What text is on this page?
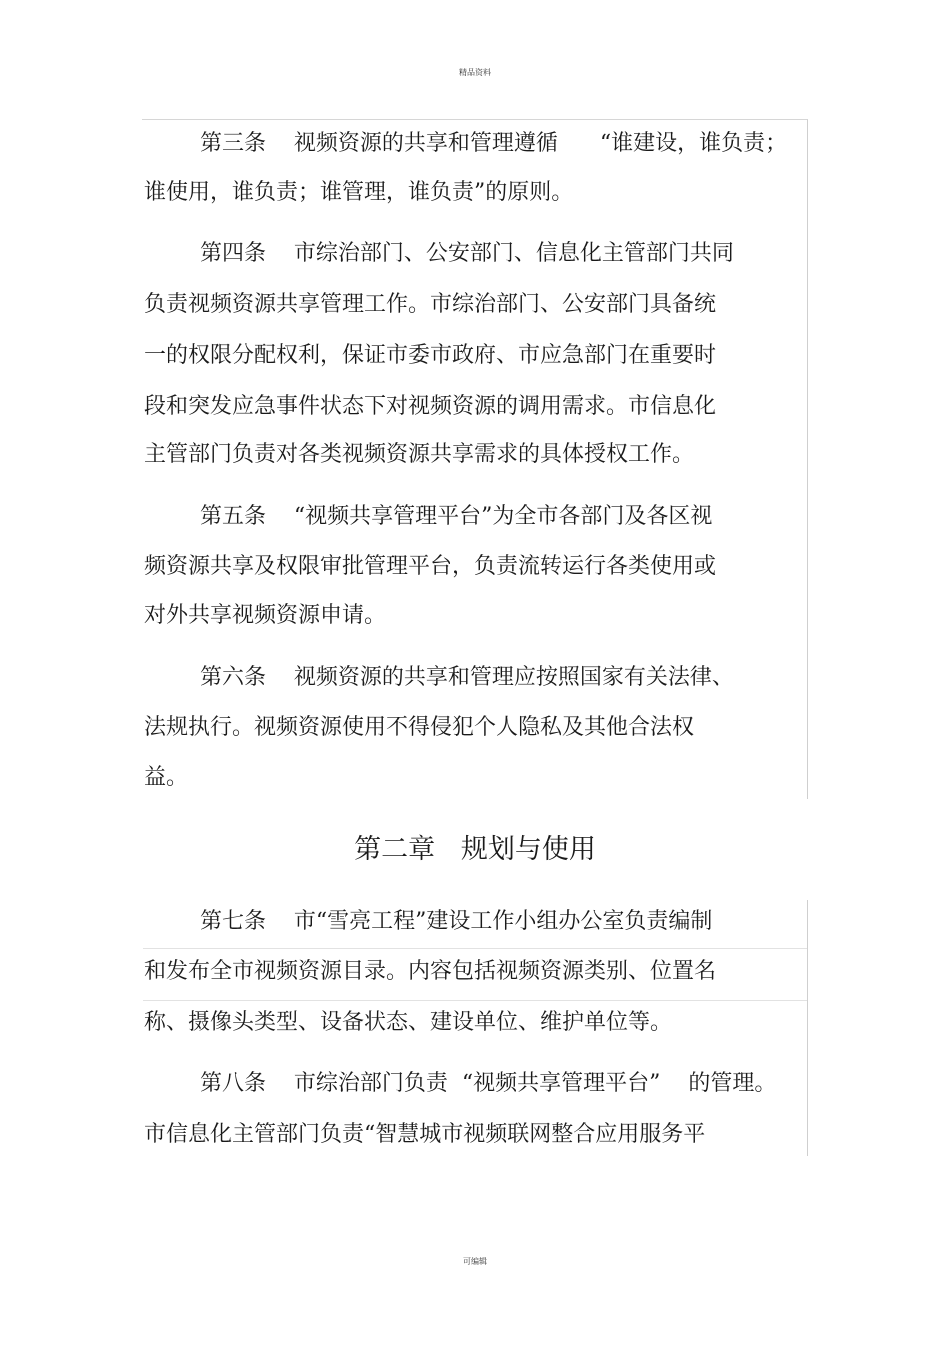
精品资料
第三条    视频资源的共享和管理遵循      “谁建设，谁负责；
谁使用，谁负责；谁管理，谁负责”的原则。
第四条    市综治部门、公安部门、信息化主管部门共同
负责视频资源共享管理工作。市综治部门、公安部门具备统
一的权限分配权利，保证市委市政府、市应急部门在重要时
段和突发应急事件状态下对视频资源的调用需求。市信息化
主管部门负责对各类视频资源共享需求的具体授权工作。
第五条    “视频共享管理平台”为全市各部门及各区视
频资源共享及权限审批管理平台，负责流转运行各类使用或
对外共享视频资源申请。
第六条    视频资源的共享和管理应按照国家有关法律、
法规执行。视频资源使用不得侵犯个人隐私及其他合法权
益。
第二章   规划与使用
第七条    市“雪亮工程”建设工作小组办公室负责编制
和发布全市视频资源目录。内容包括视频资源类别、位置名
称、摄像头类型、设备状态、建设单位、维护单位等。
第八条    市综治部门负责  “视频共享管理平台”    的管理。
市信息化主管部门负责“智慧城市视频联网整合应用服务平
可编辑
